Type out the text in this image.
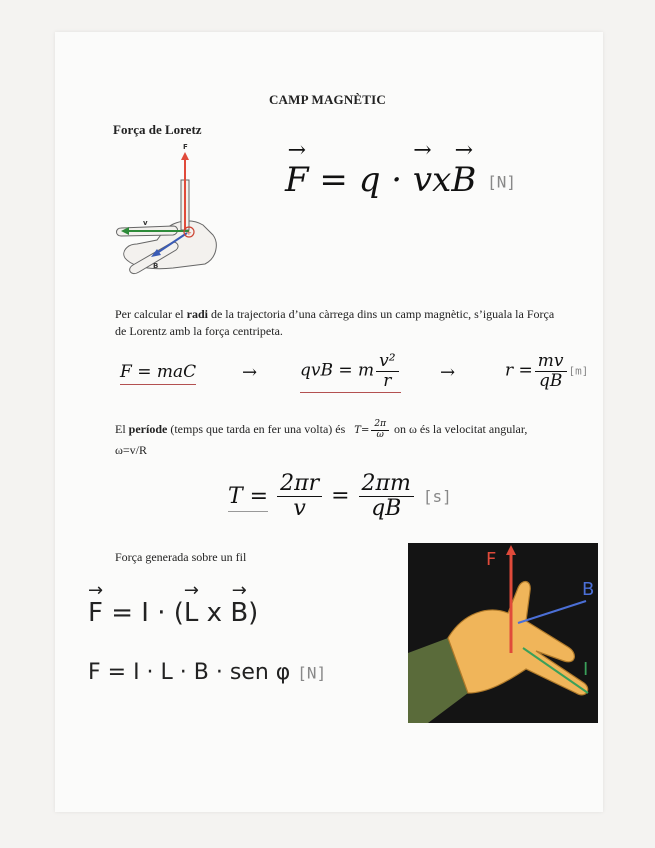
CAMP MAGNÈTIC
Força de Loretz
F
v
B
+
→ F = q · → vx→ B [N]
Per calcular el radi de la trajectoria d’una càrrega dins un camp magnètic, s’iguala la Força de Lorentz amb la força centripeta.
F = maC	→	qvB = m $\frac{\text{v²}}{r}$ →	$r = \frac{mv}{qB} [m]$
El període (temps que tarda en fer una volta) és $T= \frac{2\pi}{\omega}$ on ω és la velocitat angular,
ω=v/R
$T = \frac{2\pi r}{v} = \frac{2\pi m}{qB} [s]$
Força generada sobre un fil
→ F = I · (→ L x → B)
F = I · L · B · sen φ [N]
F
B
I
